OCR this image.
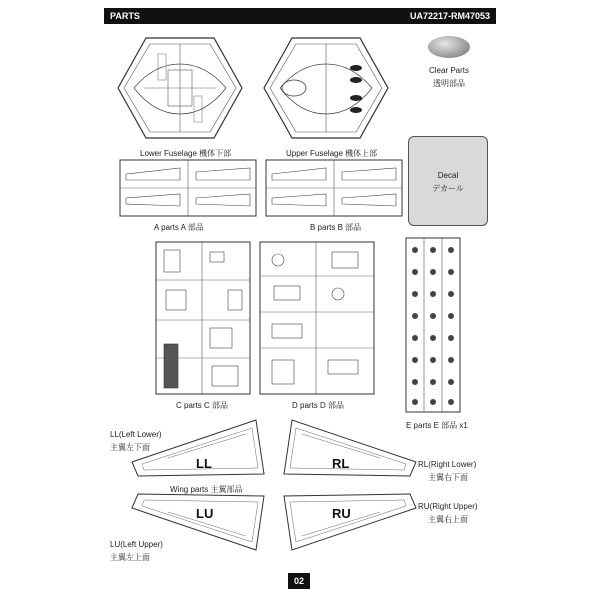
PARTS	UA72217-RM47053
Lower Fuselage 機体下部	Upper Fuselage 機体上部
Clear Parts
透明部品
Decal
デカール
A parts A 部品	B parts B 部品
C parts C 部品	D parts D 部品
E parts E 部品 x1
LL(Left Lower)
主翼左下面
RL(Right Lower)
主翼右下面
Wing parts 主翼部品
RU(Right Upper)
主翼右上面
LU(Left Upper)
主翼左上面
LL	RL
LU	RU
02
